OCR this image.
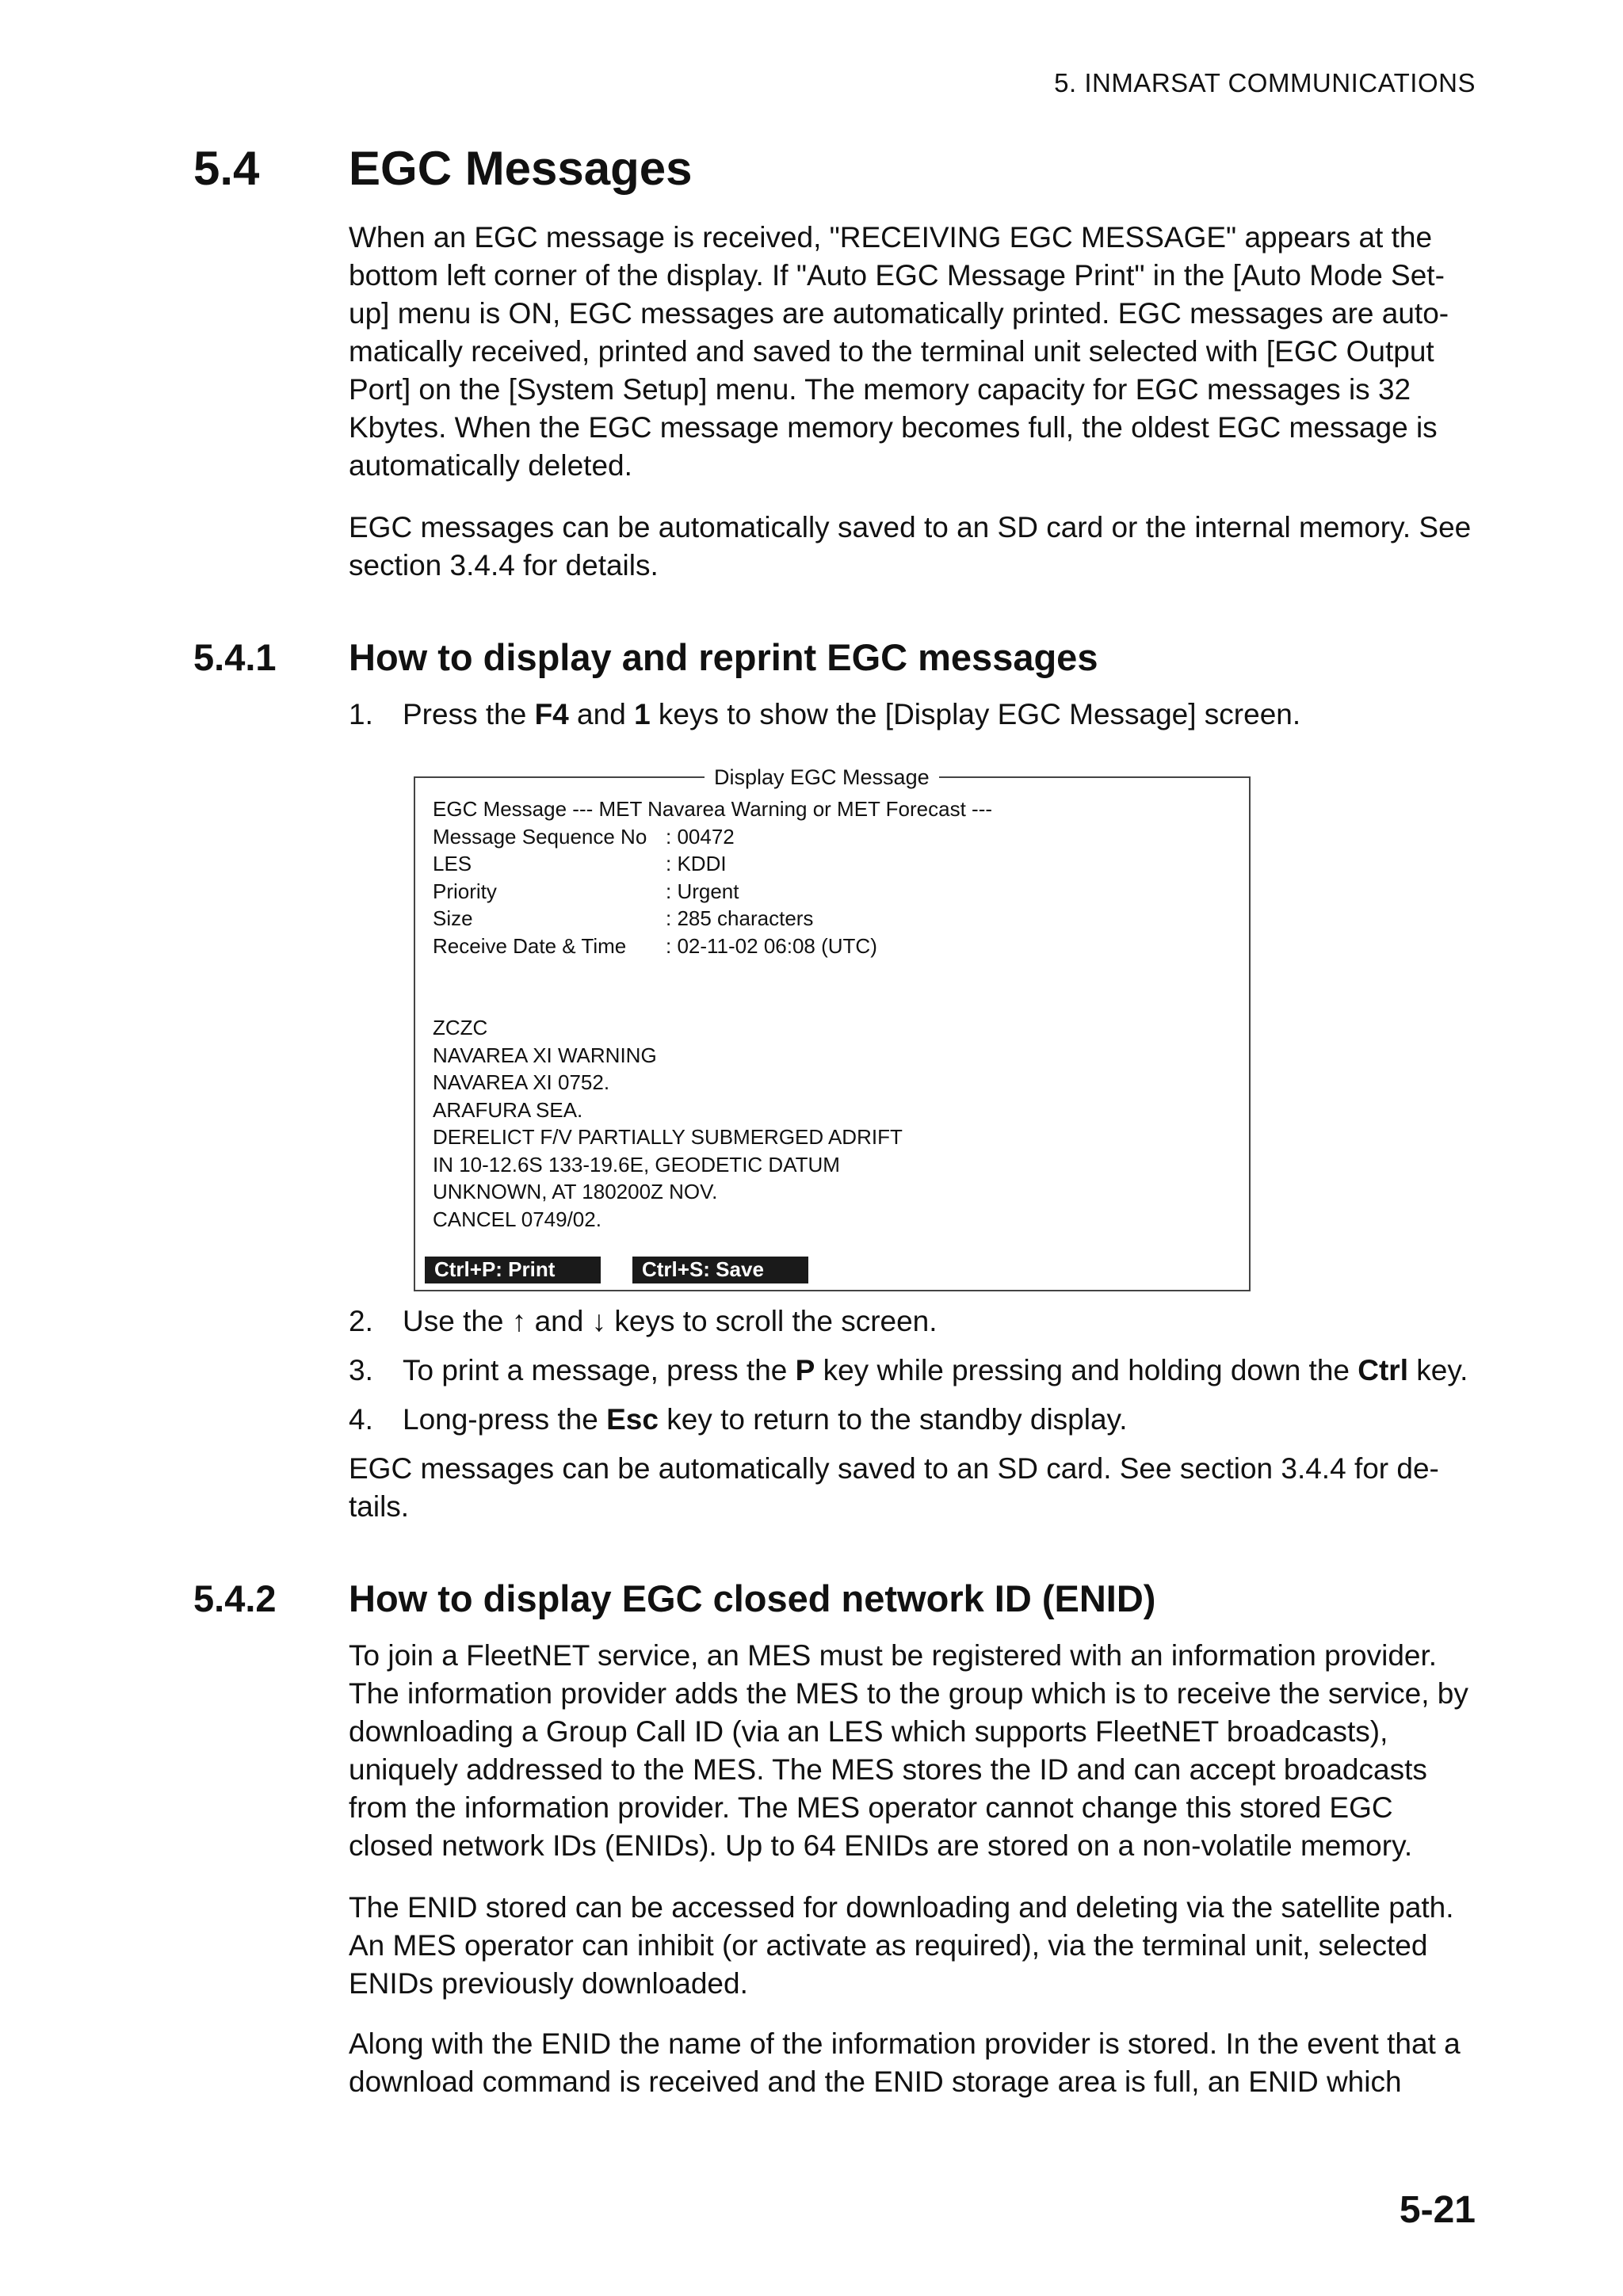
5. INMARSAT COMMUNICATIONS
5.4 EGC Messages

When an EGC message is received, "RECEIVING EGC MESSAGE" appears at the bottom left corner of the display. If "Auto EGC Message Print" in the [Auto Mode Set-up] menu is ON, EGC messages are automatically printed. EGC messages are auto-matically received, printed and saved to the terminal unit selected with [EGC Output Port] on the [System Setup] menu. The memory capacity for EGC messages is 32 Kbytes. When the EGC message memory becomes full, the oldest EGC message is automatically deleted.

EGC messages can be automatically saved to an SD card or the internal memory. See section 3.4.4 for details.

5.4.1 How to display and reprint EGC messages
1. Press the F4 and 1 keys to show the [Display EGC Message] screen.
Display EGC Message
EGC Message --- MET Navarea Warning or MET Forecast ---
Message Sequence No : 00472
LES	: KDDI
Priority	: Urgent
Size	: 285 characters
Receive Date & Time : 02-11-02 06:08 (UTC)
ZCZC
NAVAREA XI WARNING
NAVAREA XI 0752.
ARAFURA SEA.
DERELICT F/V PARTIALLY SUBMERGED ADRIFT
IN 10-12.6S 133-19.6E, GEODETIC DATUM
UNKNOWN, AT 180200Z NOV.
CANCEL 0749/02.
Ctrl+P: Print	Ctrl+S: Save
2. Use the ↑ and ↓ keys to scroll the screen.
3. To print a message, press the P key while pressing and holding down the Ctrl key.
4. Long-press the Esc key to return to the standby display.

EGC messages can be automatically saved to an SD card. See section 3.4.4 for de-tails.

5.4.2 How to display EGC closed network ID (ENID)

To join a FleetNET service, an MES must be registered with an information provider. The information provider adds the MES to the group which is to receive the service, by downloading a Group Call ID (via an LES which supports FleetNET broadcasts), uniquely addressed to the MES. The MES stores the ID and can accept broadcasts from the information provider. The MES operator cannot change this stored EGC closed network IDs (ENIDs). Up to 64 ENIDs are stored on a non-volatile memory.

The ENID stored can be accessed for downloading and deleting via the satellite path. An MES operator can inhibit (or activate as required), via the terminal unit, selected ENIDs previously downloaded.

Along with the ENID the name of the information provider is stored. In the event that a download command is received and the ENID storage area is full, an ENID which

5-21
